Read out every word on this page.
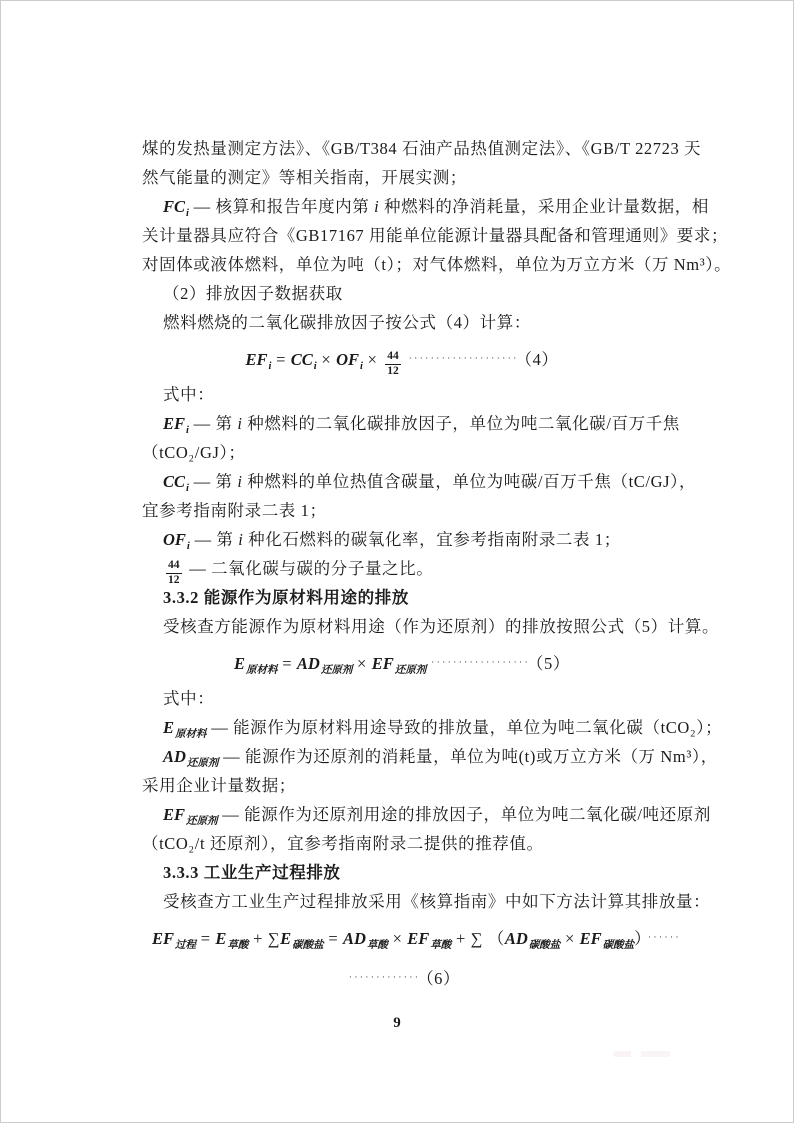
煤的发热量测定方法》、《GB/T384 石油产品热值测定法》、《GB/T 22723 天
然气能量的测定》等相关指南，开展实测；
$FC_i$ — 核算和报告年度内第 i 种燃料的净消耗量，采用企业计量数据，相
关计量器具应符合《GB17167 用能单位能源计量器具配备和管理通则》要求；
对固体或液体燃料，单位为吨（t）；对气体燃料，单位为万立方米（万 Nm³）。
（2）排放因子数据获取
燃料燃烧的二氧化碳排放因子按公式（4）计算：
$EF_i = CC_i \times OF_i \times \frac{44}{12} ^{\cdot\cdot\cdot\cdot\cdot\cdot\cdot\cdot\cdot\cdot\cdot\cdot\cdot\cdot\cdot\cdot\cdot\cdot\cdot\cdot}$ （4）
式中：
$EF_i$ — 第 i 种燃料的二氧化碳排放因子，单位为吨二氧化碳/百万千焦
（tCO₂/GJ）；
$CC_i$ — 第 i 种燃料的单位热值含碳量，单位为吨碳/百万千焦（tC/GJ），
宜参考指南附录二表 1；
$OF_i$ — 第 i 种化石燃料的碳氧化率，宜参考指南附录二表 1；
$\frac{44}{12}$ — 二氧化碳与碳的分子量之比。
3.3.2 能源作为原材料用途的排放
受核查方能源作为原材料用途（作为还原剂）的排放按照公式（5）计算。
$E_{原材料} = AD_{还原剂} \times EF_{还原剂}^{\cdot\cdot\cdot\cdot\cdot\cdot\cdot\cdot\cdot\cdot\cdot\cdot\cdot\cdot\cdot\cdot\cdot\cdot}$ （5）
式中：
$E_{原材料}$ — 能源作为原材料用途导致的排放量，单位为吨二氧化碳（tCO₂）；
$AD_{还原剂}$ — 能源作为还原剂的消耗量，单位为吨(t)或万立方米（万 Nm³），
采用企业计量数据；
$EF_{还原剂}$ — 能源作为还原剂用途的排放因子，单位为吨二氧化碳/吨还原剂
（tCO₂/t 还原剂），宜参考指南附录二提供的推荐值。
3.3.3 工业生产过程排放
受核查方工业生产过程排放采用《核算指南》中如下方法计算其排放量：
$EF_{过程} = E_{草酸} + \sum E_{碳酸盐} = AD_{草酸} \times EF_{草酸}$ + ∑ $(AD_{碳酸盐} \times EF_{碳酸盐})$ ······
············· （6）
9
